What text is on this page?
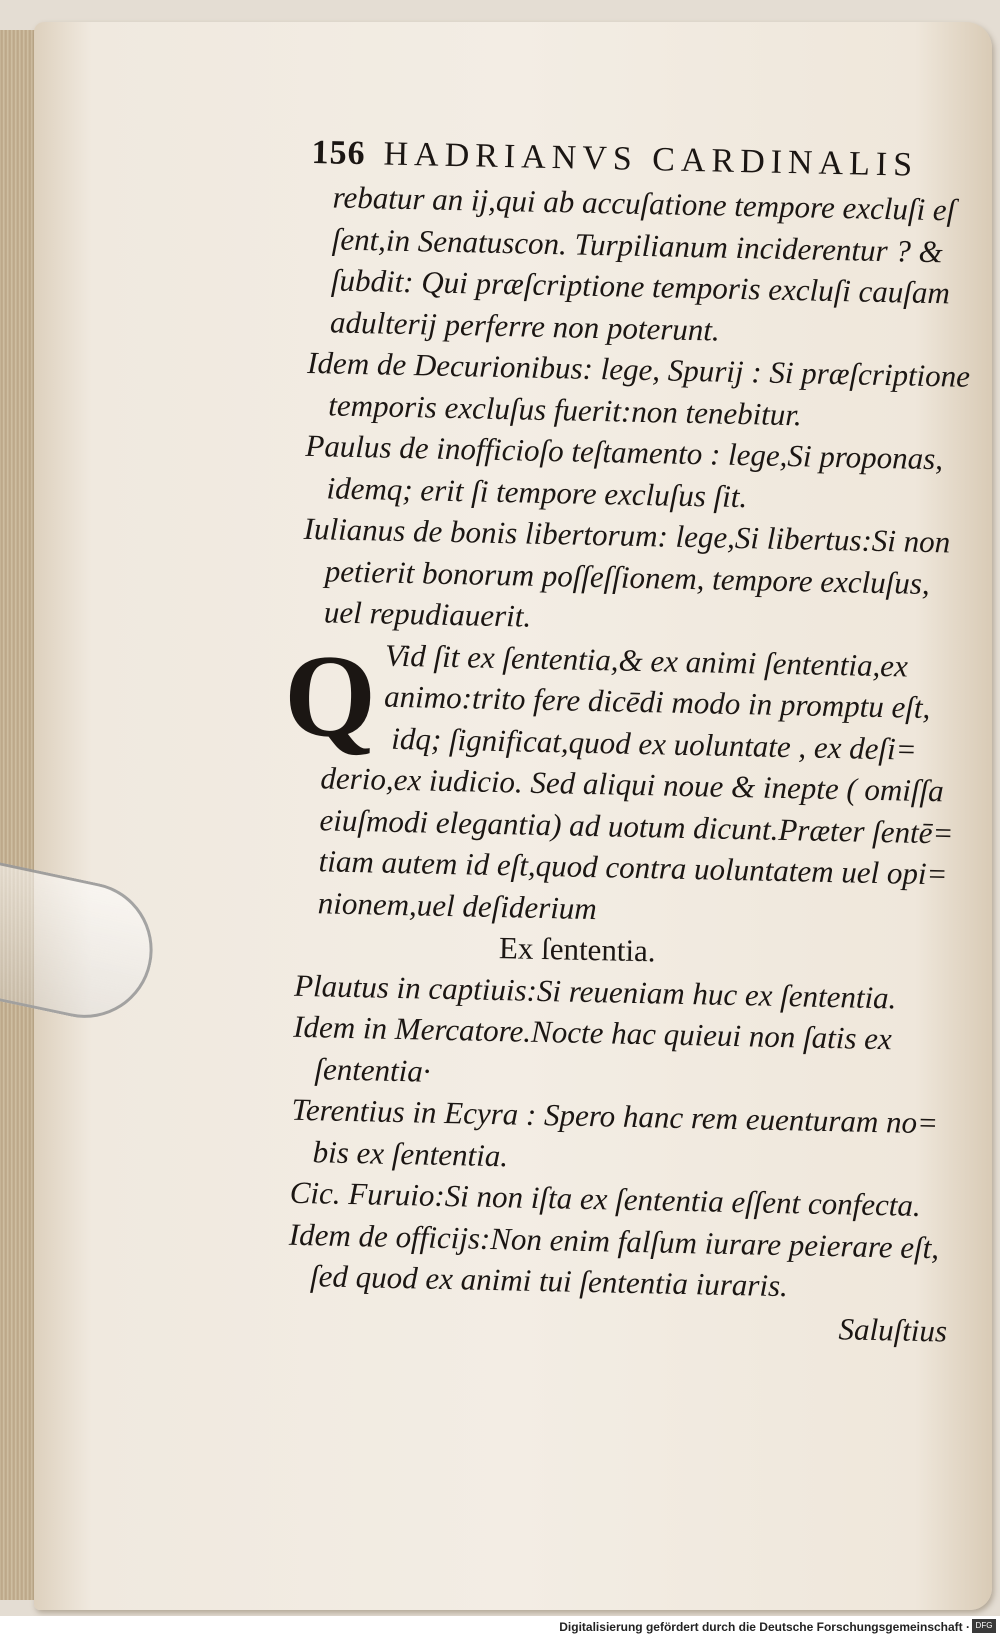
156 HADRIANVS CARDINALIS
rebatur an ij,qui ab accuſatione tempore excluſi eſ
ſent,in Senatuscon. Turpilianum inciderentur ? &
ſubdit: Qui præſcriptione temporis excluſi cauſam
adulterij perferre non poterunt.
Idem de Decurionibus: lege, Spurij : Si præſcriptione
temporis excluſus fuerit:non tenebitur.
Paulus de inofficioſo teſtamento : lege,Si proponas,
idemq; erit ſi tempore excluſus ſit.
Iulianus de bonis libertorum: lege,Si libertus:Si non
petierit bonorum poſſeſſionem, tempore excluſus,
uel repudiauerit.
Q Vid ſit ex ſententia,& ex animi ſententia,ex
animo:trito fere dicēdi modo in promptu eſt,
idq; ſignificat,quod ex uoluntate , ex deſi=
derio,ex iudicio. Sed aliqui noue & inepte ( omiſſa
eiuſmodi elegantia) ad uotum dicunt.Præter ſentē=
tiam autem id eſt,quod contra uoluntatem uel opi=
nionem,uel deſiderium
Ex ſententia.
Plautus in captiuis:Si reueniam huc ex ſententia.
Idem in Mercatore.Nocte hac quieui non ſatis ex
ſententia·
Terentius in Ecyra : Spero hanc rem euenturam no=
bis ex ſententia.
Cic. Furuio:Si non iſta ex ſententia eſſent confecta.
Idem de officijs:Non enim falſum iurare peierare eſt,
ſed quod ex animi tui ſententia iuraris.
Saluſtius
Digitalisierung gefördert durch die Deutsche Forschungsgemeinschaft · DFG
